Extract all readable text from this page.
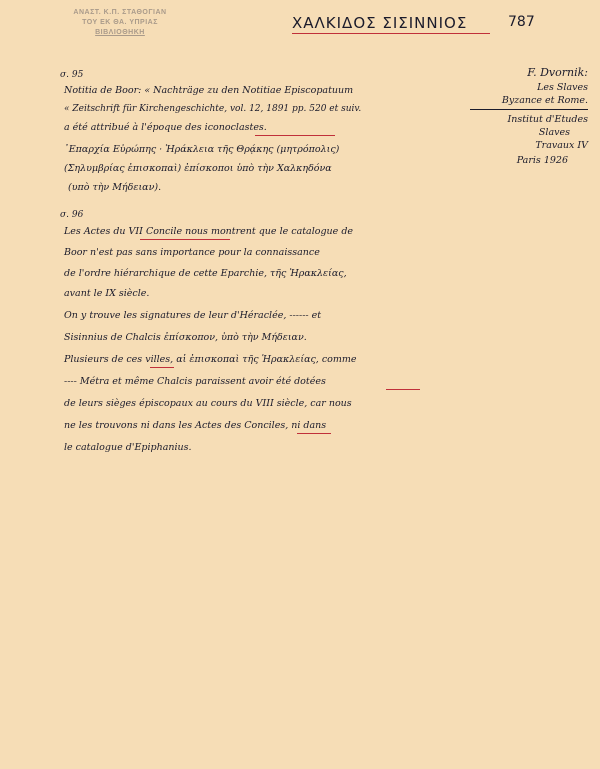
ΑΝΑΣΤ. Κ.Π. ΣΤΑΘΟΓΙΑΝ
ΤΟΥ ΕΚ ΘΑ. ΥΠΡΙΑΣ
ΒΙΒΛΙΟΘΗΚΗ
ΧΑΛΚΙΔΟΣ ΣΙΣΙΝΝΙΟΣ	787
F. Dvornik:
Les Slaves
Byzance et Rome.
Institut d'Etudes
Slaves
Travaux IV
Paris 1926
σ. 95
Notitia de Boor: « Nachträge zu den Notitiae Episcopatuum
« Zeitschrift für Kirchengeschichte, vol. 12, 1891 pp. 520 et suiv.
a été attribué à l'époque des iconoclastes.
᾽Επαρχία Εὐρώπης · Ἡράκλεια τῆς Θρᾴκης (μητρόπολις)
(Σηλυμβρίας ἐπισκοπαὶ) ἐπίσκοποι ὑπὸ τὴν Χαλκηδόνα
(υπὸ τὴν Μήδειαν).
σ. 96
Les Actes du VII Concile nous montrent que le catalogue de
Boor n'est pas sans importance pour la connaissance
de l'ordre hiérarchique de cette Eparchie, τῆς Ἡρακλείας,
avant le IX siècle.
On y trouve les signatures de leur d'Héraclée, ------ et
Sisinnius de Chalcis ἐπίσκοπον, ὑπὸ τὴν Μήδειαν.
Plusieurs de ces villes, αἱ ἐπισκοπαὶ τῆς Ἡρακλείας, comme
---- Métra et même Chalcis paraissent avoir été dotées
de leurs sièges épiscopaux au cours du VIII siècle, car nous
ne les trouvons ni dans les Actes des Conciles, ni dans
le catalogue d'Epiphanius.
